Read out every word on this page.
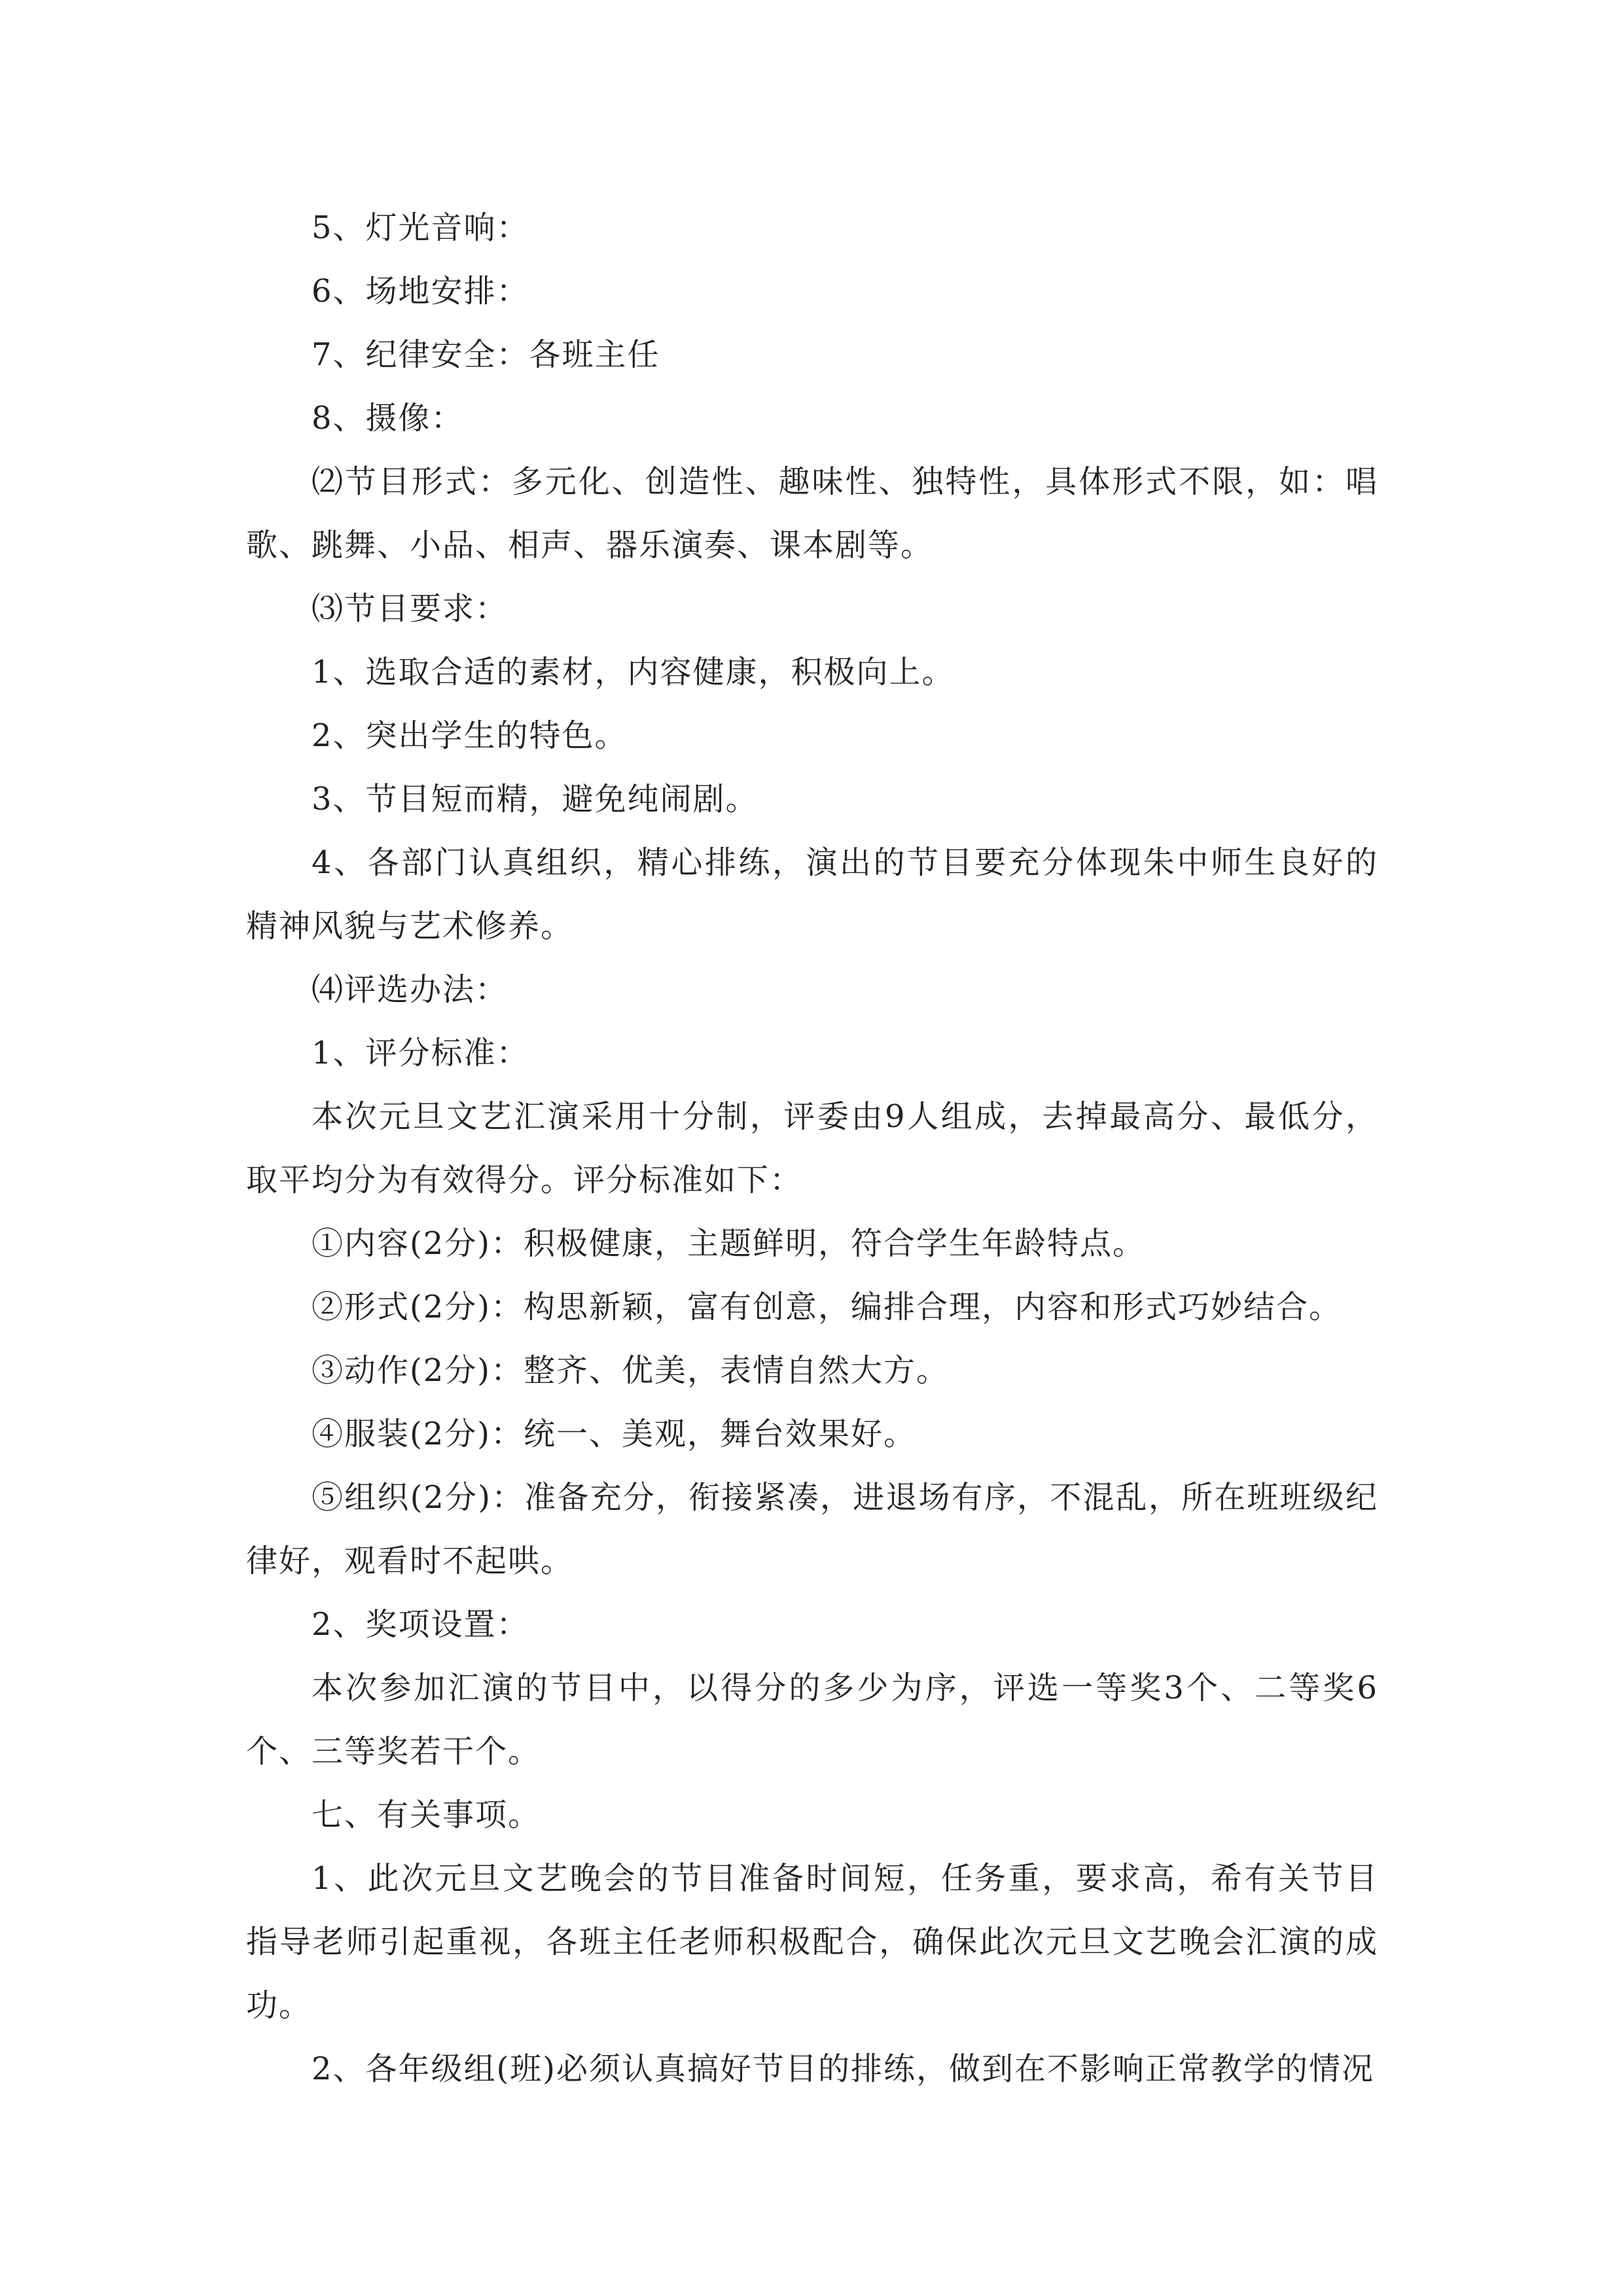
5、灯光音响：

6、场地安排：

7、纪律安全：各班主任

8、摄像：

⑵节目形式：多元化、创造性、趣味性、独特性，具体形式不限，如：唱歌、跳舞、小品、相声、器乐演奏、课本剧等。

⑶节目要求：

1、选取合适的素材，内容健康，积极向上。

2、突出学生的特色。

3、节目短而精，避免纯闹剧。

4、各部门认真组织，精心排练，演出的节目要充分体现朱中师生良好的精神风貌与艺术修养。

⑷评选办法：

1、评分标准：

本次元旦文艺汇演采用十分制，评委由9人组成，去掉最高分、最低分，取平均分为有效得分。评分标准如下：

①内容(2分)：积极健康，主题鲜明，符合学生年龄特点。

②形式(2分)：构思新颖，富有创意，编排合理，内容和形式巧妙结合。

③动作(2分)：整齐、优美，表情自然大方。

④服装(2分)：统一、美观，舞台效果好。

⑤组织(2分)：准备充分，衔接紧凑，进退场有序，不混乱，所在班班级纪律好，观看时不起哄。

2、奖项设置：

本次参加汇演的节目中，以得分的多少为序，评选一等奖3个、二等奖6个、三等奖若干个。

七、有关事项。

1、此次元旦文艺晚会的节目准备时间短，任务重，要求高，希有关节目指导老师引起重视，各班主任老师积极配合，确保此次元旦文艺晚会汇演的成功。

2、各年级组(班)必须认真搞好节目的排练，做到在不影响正常教学的情况
